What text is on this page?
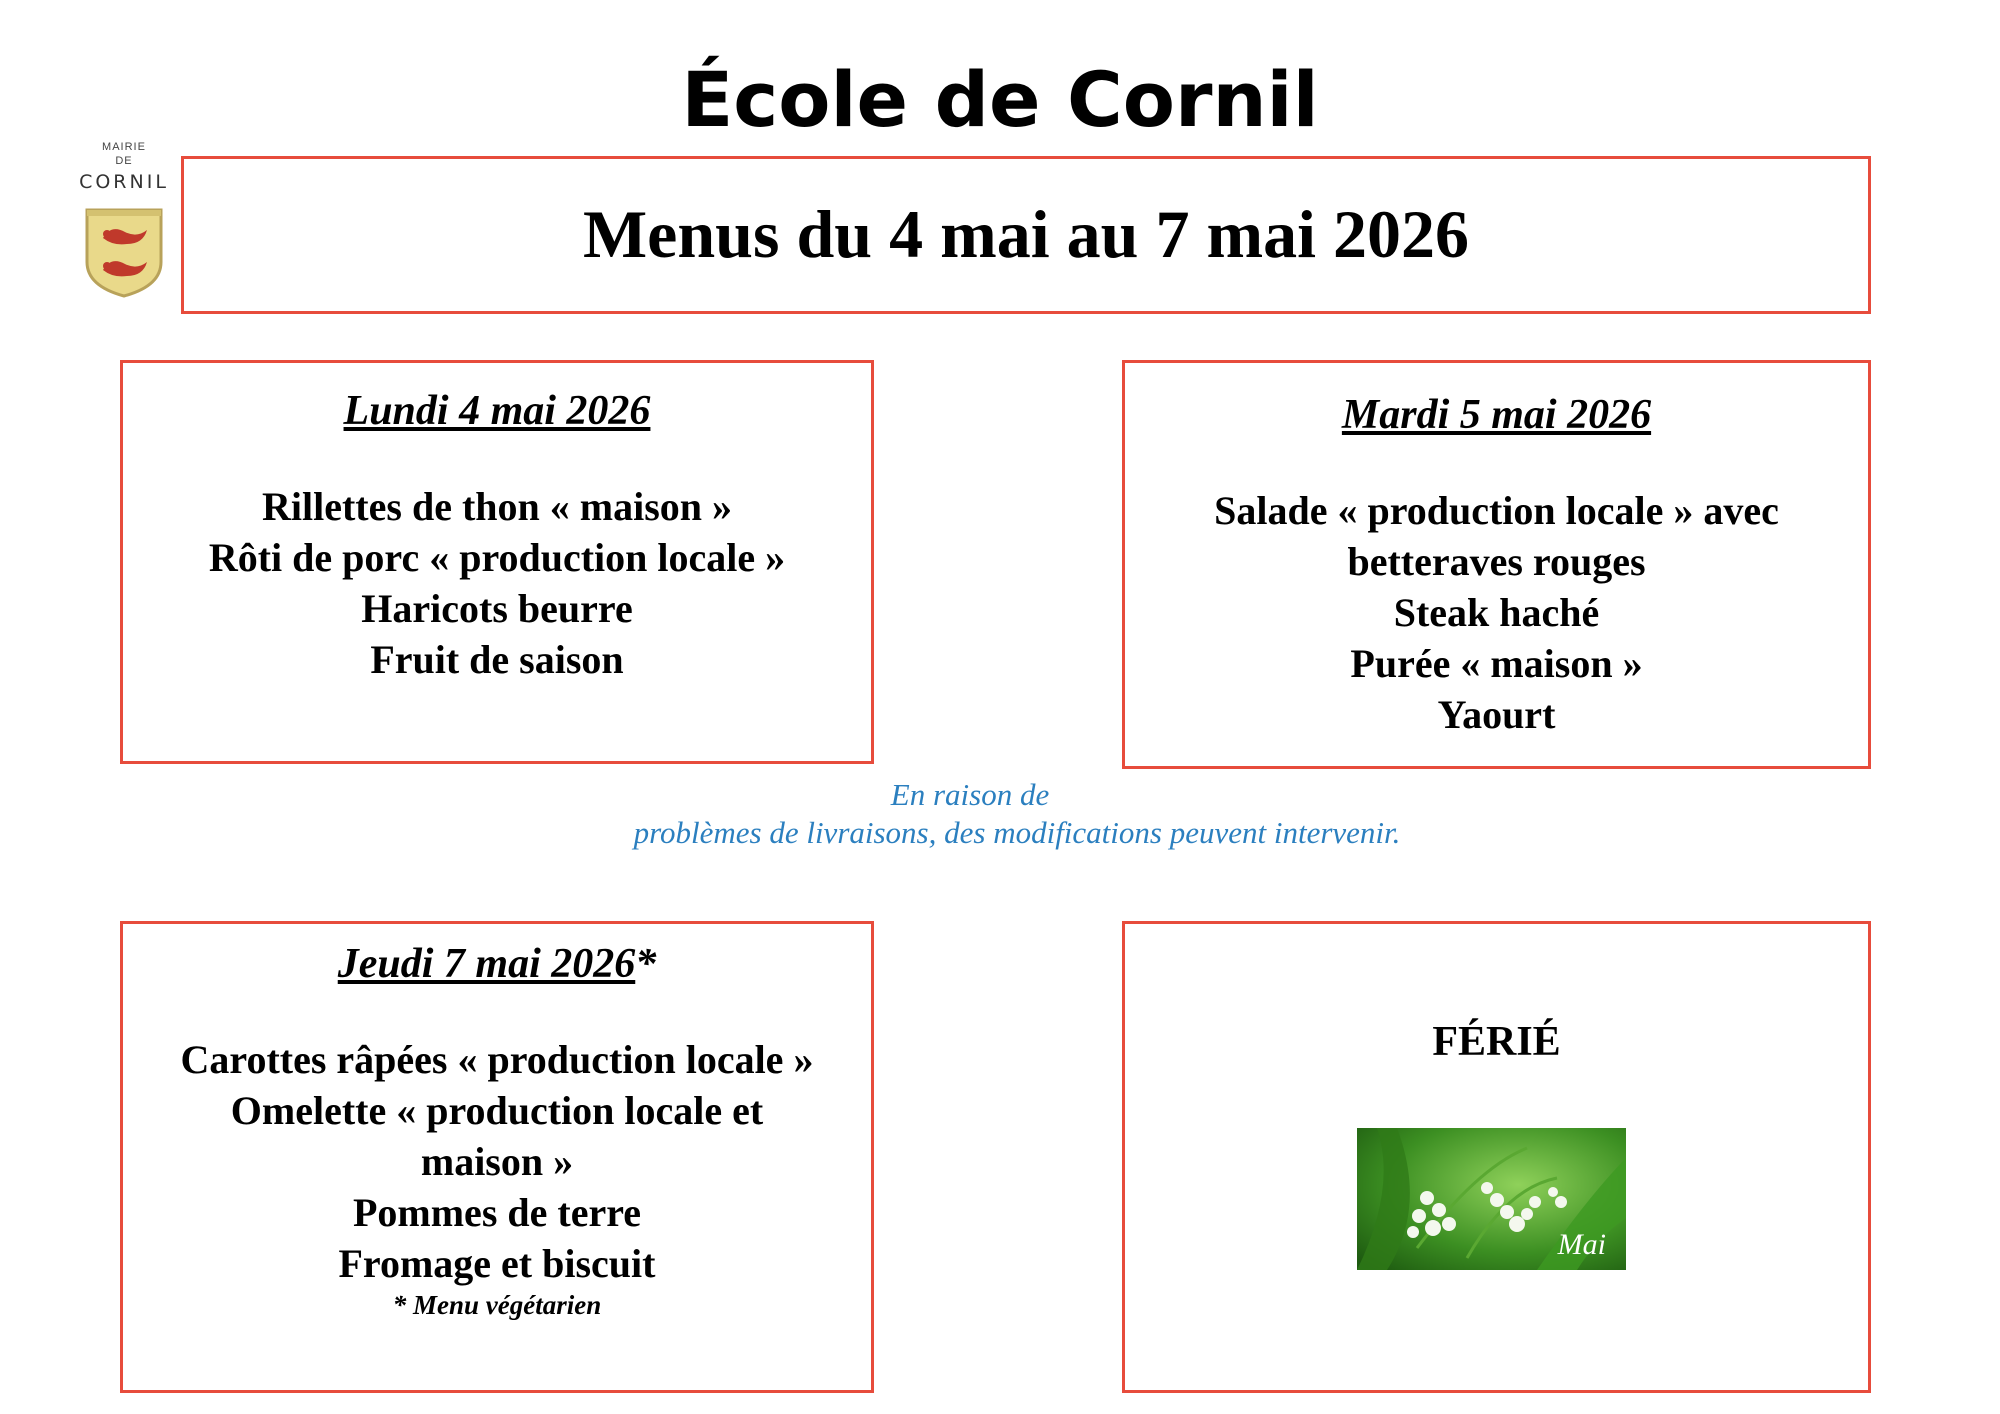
École de Cornil
MAIRIE
DE
CORNIL
Menus du 4 mai au 7 mai 2026
Lundi 4 mai 2026
Rillettes de thon « maison »
Rôti de porc « production locale »
Haricots beurre
Fruit de saison
Mardi 5 mai 2026
Salade « production locale » avec
betteraves rouges
Steak haché
Purée « maison »
Yaourt
En raison de
problèmes de livraisons, des modifications peuvent intervenir.
Jeudi 7 mai 2026*
Carottes râpées « production locale »
Omelette « production locale et
maison »
Pommes de terre
Fromage et biscuit
* Menu végétarien
FÉRIÉ
Mai
